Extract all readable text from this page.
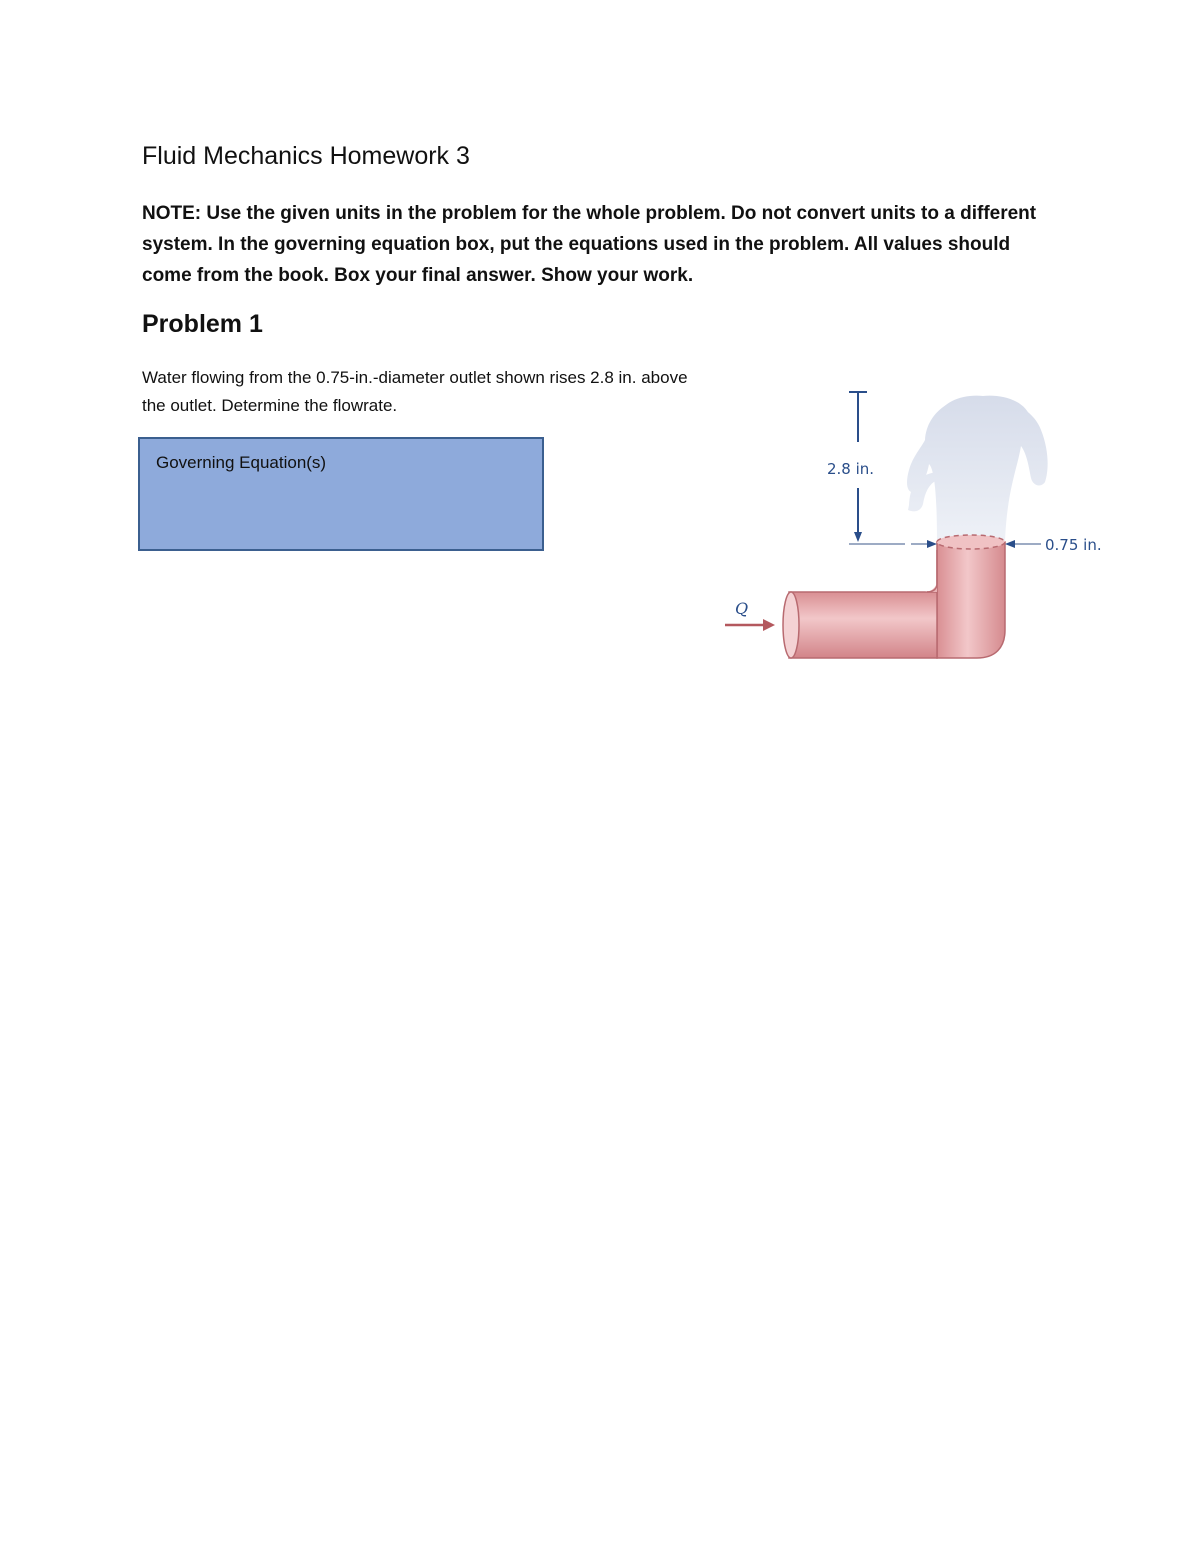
Fluid Mechanics Homework 3

NOTE: Use the given units in the problem for the whole problem. Do not convert units to a different system. In the governing equation box, put the equations used in the problem. All values should come from the book. Box your final answer. Show your work.

Problem 1

Water flowing from the 0.75-in.-diameter outlet shown rises 2.8 in. above the outlet. Determine the flowrate.

Governing Equation(s)	2.8 in.
0.75 in.
Q
